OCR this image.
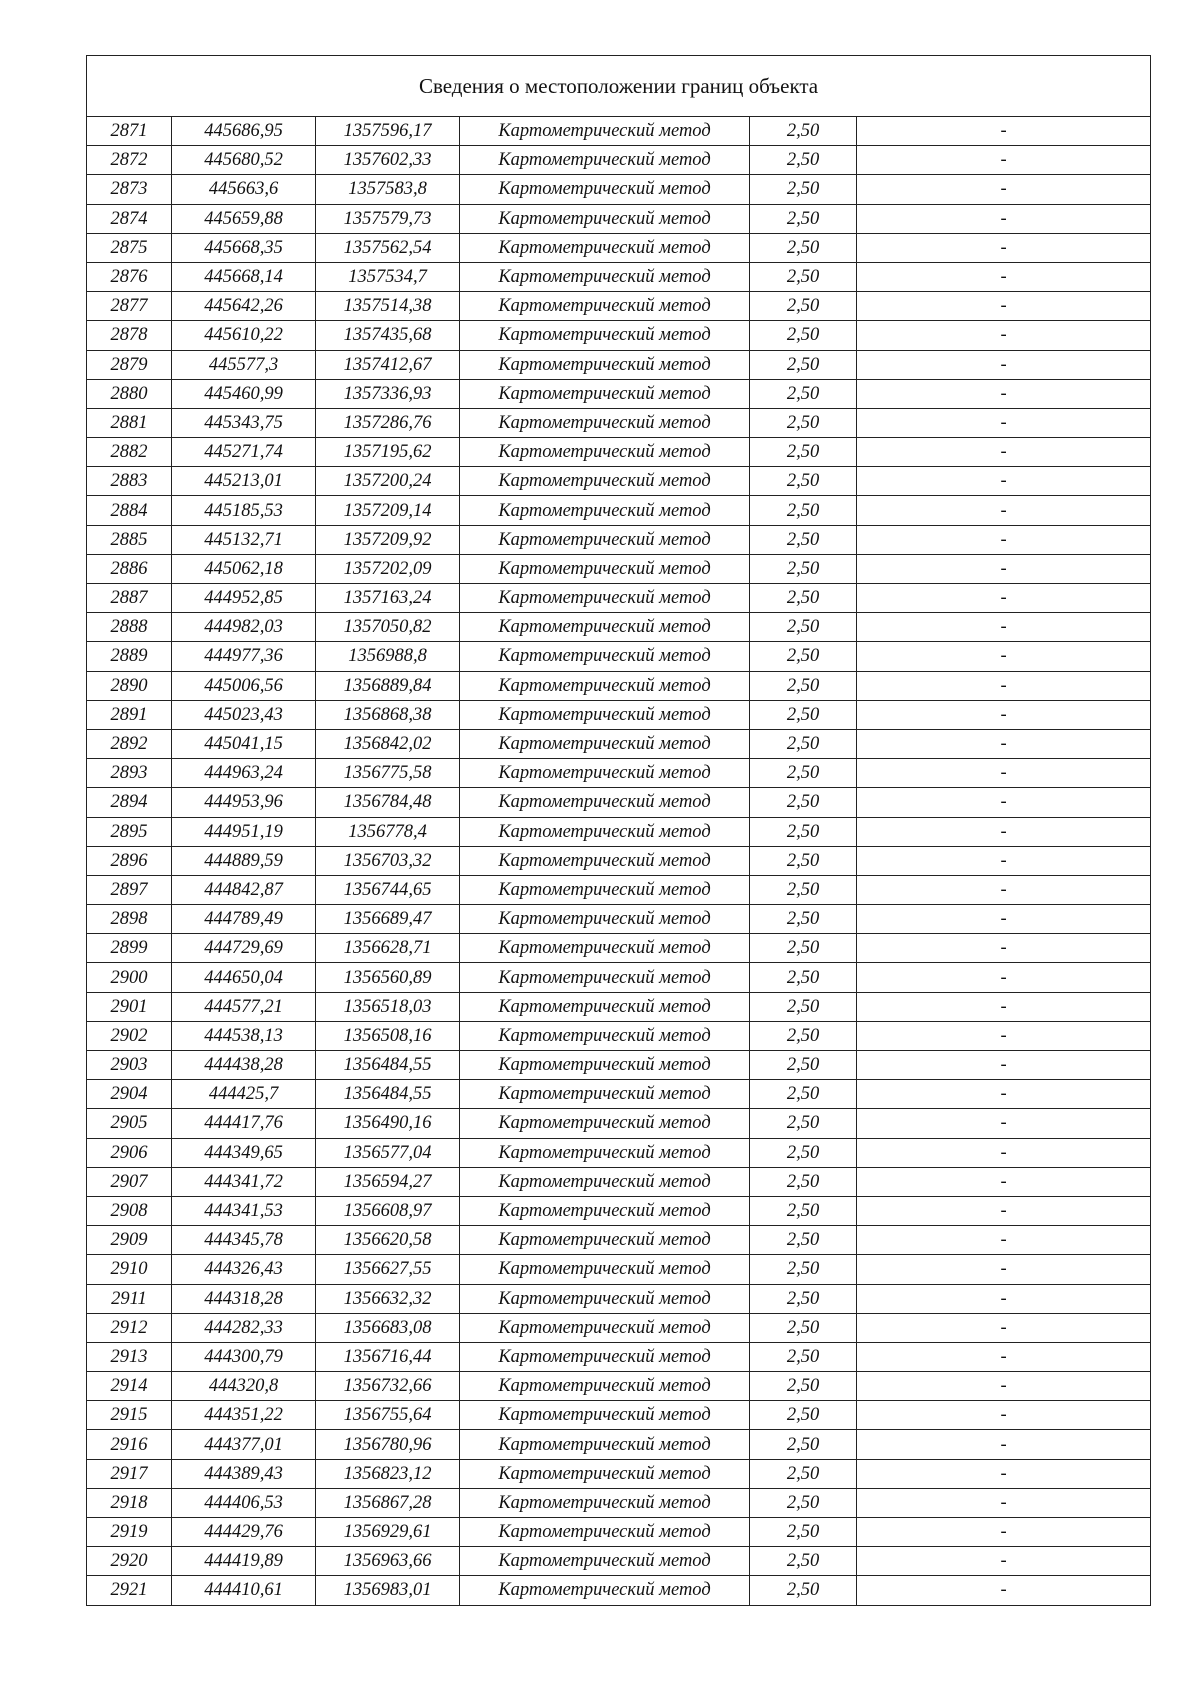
Сведения о местоположении границ объекта					
2871	445686,95	1357596,17	Картометрический метод	2,50	-
2872	445680,52	1357602,33	Картометрический метод	2,50	-
2873	445663,6	1357583,8	Картометрический метод	2,50	-
2874	445659,88	1357579,73	Картометрический метод	2,50	-
2875	445668,35	1357562,54	Картометрический метод	2,50	-
2876	445668,14	1357534,7	Картометрический метод	2,50	-
2877	445642,26	1357514,38	Картометрический метод	2,50	-
2878	445610,22	1357435,68	Картометрический метод	2,50	-
2879	445577,3	1357412,67	Картометрический метод	2,50	-
2880	445460,99	1357336,93	Картометрический метод	2,50	-
2881	445343,75	1357286,76	Картометрический метод	2,50	-
2882	445271,74	1357195,62	Картометрический метод	2,50	-
2883	445213,01	1357200,24	Картометрический метод	2,50	-
2884	445185,53	1357209,14	Картометрический метод	2,50	-
2885	445132,71	1357209,92	Картометрический метод	2,50	-
2886	445062,18	1357202,09	Картометрический метод	2,50	-
2887	444952,85	1357163,24	Картометрический метод	2,50	-
2888	444982,03	1357050,82	Картометрический метод	2,50	-
2889	444977,36	1356988,8	Картометрический метод	2,50	-
2890	445006,56	1356889,84	Картометрический метод	2,50	-
2891	445023,43	1356868,38	Картометрический метод	2,50	-
2892	445041,15	1356842,02	Картометрический метод	2,50	-
2893	444963,24	1356775,58	Картометрический метод	2,50	-
2894	444953,96	1356784,48	Картометрический метод	2,50	-
2895	444951,19	1356778,4	Картометрический метод	2,50	-
2896	444889,59	1356703,32	Картометрический метод	2,50	-
2897	444842,87	1356744,65	Картометрический метод	2,50	-
2898	444789,49	1356689,47	Картометрический метод	2,50	-
2899	444729,69	1356628,71	Картометрический метод	2,50	-
2900	444650,04	1356560,89	Картометрический метод	2,50	-
2901	444577,21	1356518,03	Картометрический метод	2,50	-
2902	444538,13	1356508,16	Картометрический метод	2,50	-
2903	444438,28	1356484,55	Картометрический метод	2,50	-
2904	444425,7	1356484,55	Картометрический метод	2,50	-
2905	444417,76	1356490,16	Картометрический метод	2,50	-
2906	444349,65	1356577,04	Картометрический метод	2,50	-
2907	444341,72	1356594,27	Картометрический метод	2,50	-
2908	444341,53	1356608,97	Картометрический метод	2,50	-
2909	444345,78	1356620,58	Картометрический метод	2,50	-
2910	444326,43	1356627,55	Картометрический метод	2,50	-
2911	444318,28	1356632,32	Картометрический метод	2,50	-
2912	444282,33	1356683,08	Картометрический метод	2,50	-
2913	444300,79	1356716,44	Картометрический метод	2,50	-
2914	444320,8	1356732,66	Картометрический метод	2,50	-
2915	444351,22	1356755,64	Картометрический метод	2,50	-
2916	444377,01	1356780,96	Картометрический метод	2,50	-
2917	444389,43	1356823,12	Картометрический метод	2,50	-
2918	444406,53	1356867,28	Картометрический метод	2,50	-
2919	444429,76	1356929,61	Картометрический метод	2,50	-
2920	444419,89	1356963,66	Картометрический метод	2,50	-
2921	444410,61	1356983,01	Картометрический метод	2,50	-
